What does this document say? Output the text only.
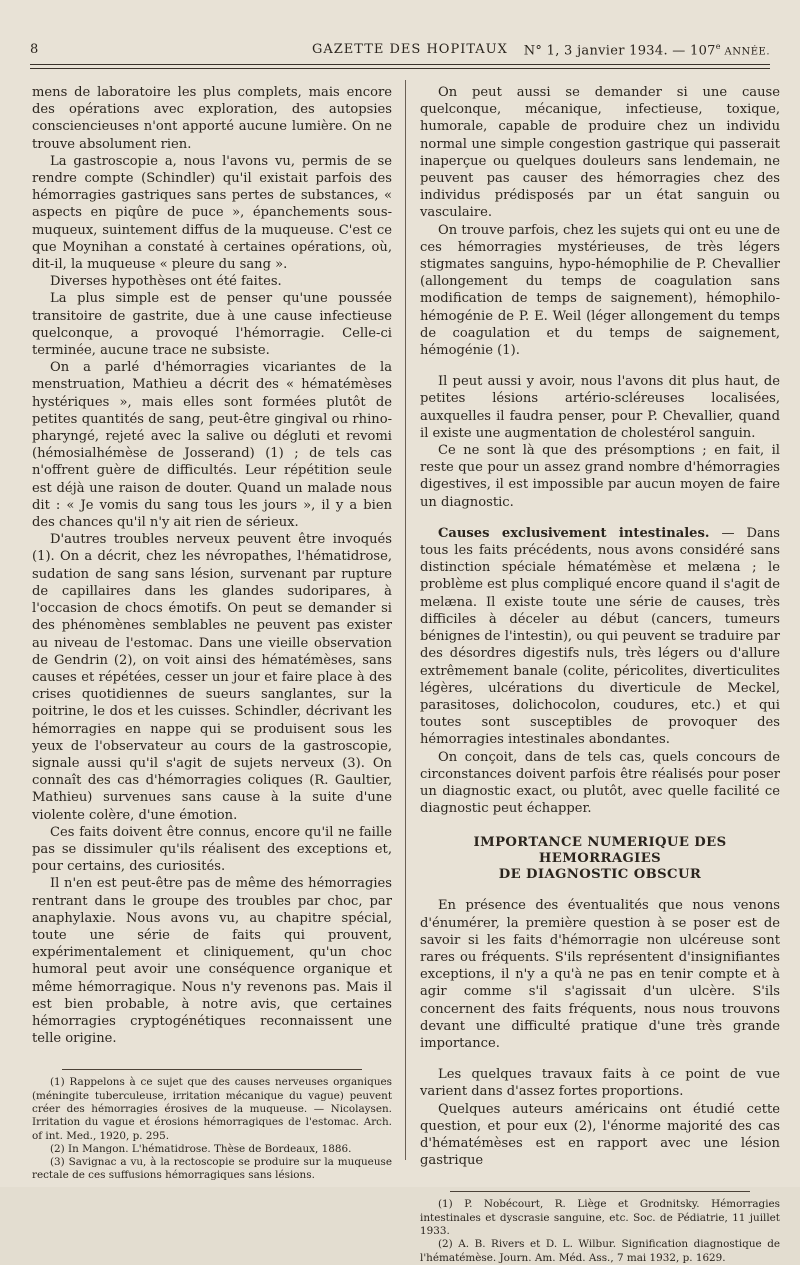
8	GAZETTE DES HOPITAUX N° 1, 3 janvier 1934. — 107e ANNÉE.

mens de laboratoire les plus complets, mais encore des opérations avec exploration, des autopsies consciencieuses n'ont apporté aucune lumière. On ne trouve absolument rien.

La gastroscopie a, nous l'avons vu, permis de se rendre compte (Schindler) qu'il existait parfois des hémorragies gastriques sans pertes de substances, « aspects en piqûre de puce », épanchements sous-muqueux, suintement diffus de la muqueuse. C'est ce que Moynihan a constaté à certaines opérations, où, dit-il, la muqueuse « pleure du sang ».

Diverses hypothèses ont été faites.

La plus simple est de penser qu'une poussée transitoire de gastrite, due à une cause infectieuse quelconque, a provoqué l'hémorragie. Celle-ci terminée, aucune trace ne subsiste.

On a parlé d'hémorragies vicariantes de la menstruation, Mathieu a décrit des « hématémèses hystériques », mais elles sont formées plutôt de petites quantités de sang, peut-être gingival ou rhino-pharyngé, rejeté avec la salive ou dégluti et revomi (hémosialhémèse de Josserand) (1) ; de tels cas n'offrent guère de difficultés. Leur répétition seule est déjà une raison de douter. Quand un malade nous dit : « Je vomis du sang tous les jours », il y a bien des chances qu'il n'y ait rien de sérieux.

D'autres troubles nerveux peuvent être invoqués (1). On a décrit, chez les névropathes, l'hématidrose, sudation de sang sans lésion, survenant par rupture de capillaires dans les glandes sudoripares, à l'occasion de chocs émotifs. On peut se demander si des phénomènes semblables ne peuvent pas exister au niveau de l'estomac. Dans une vieille observation de Gendrin (2), on voit ainsi des hématémèses, sans causes et répétées, cesser un jour et faire place à des crises quotidiennes de sueurs sanglantes, sur la poitrine, le dos et les cuisses. Schindler, décrivant les hémorragies en nappe qui se produisent sous les yeux de l'observateur au cours de la gastroscopie, signale aussi qu'il s'agit de sujets nerveux (3). On connaît des cas d'hémorragies coliques (R. Gaultier, Mathieu) survenues sans cause à la suite d'une violente colère, d'une émotion.

Ces faits doivent être connus, encore qu'il ne faille pas se dissimuler qu'ils réalisent des exceptions et, pour certains, des curiosités.

Il n'en est peut-être pas de même des hémorragies rentrant dans le groupe des troubles par choc, par anaphylaxie. Nous avons vu, au chapitre spécial, toute une série de faits qui prouvent, expérimentalement et cliniquement, qu'un choc humoral peut avoir une conséquence organique et même hémorragique. Nous n'y revenons pas. Mais il est bien probable, à notre avis, que certaines hémorragies cryptogénétiques reconnaissent une telle origine.

(1) Rappelons à ce sujet que des causes nerveuses organiques (méningite tuberculeuse, irritation mécanique du vague) peuvent créer des hémorragies érosives de la muqueuse. — Nicolaysen. Irritation du vague et érosions hémorragiques de l'estomac. Arch. of int. Med., 1920, p. 295.

(2) In Mangon. L'hématidrose. Thèse de Bordeaux, 1886.

(3) Savignac a vu, à la rectoscopie se produire sur la muqueuse rectale de ces suffusions hémorragiques sans lésions.

On peut aussi se demander si une cause quelconque, mécanique, infectieuse, toxique, humorale, capable de produire chez un individu normal une simple congestion gastrique qui passerait inaperçue ou quelques douleurs sans lendemain, ne peuvent pas causer des hémorragies chez des individus prédisposés par un état sanguin ou vasculaire.

On trouve parfois, chez les sujets qui ont eu une de ces hémorragies mystérieuses, de très légers stigmates sanguins, hypo-hémophilie de P. Chevallier (allongement du temps de coagulation sans modification de temps de saignement), hémophilo-hémogénie de P. E. Weil (léger allongement du temps de coagulation et du temps de saignement, hémogénie (1).

Il peut aussi y avoir, nous l'avons dit plus haut, de petites lésions artério-scléreuses localisées, auxquelles il faudra penser, pour P. Chevallier, quand il existe une augmentation de cholestérol sanguin.

Ce ne sont là que des présomptions ; en fait, il reste que pour un assez grand nombre d'hémorragies digestives, il est impossible par aucun moyen de faire un diagnostic.

Causes exclusivement intestinales. — Dans tous les faits précédents, nous avons considéré sans distinction spéciale hématémèse et melæna ; le problème est plus compliqué encore quand il s'agit de melæna. Il existe toute une série de causes, très difficiles à déceler au début (cancers, tumeurs bénignes de l'intestin), ou qui peuvent se traduire par des désordres digestifs nuls, très légers ou d'allure extrêmement banale (colite, péricolites, diverticulites légères, ulcérations du diverticule de Meckel, parasitoses, dolichocolon, coudures, etc.) et qui toutes sont susceptibles de provoquer des hémorragies intestinales abondantes.

On conçoit, dans de tels cas, quels concours de circonstances doivent parfois être réalisés pour poser un diagnostic exact, ou plutôt, avec quelle facilité ce diagnostic peut échapper.

IMPORTANCE NUMERIQUE DES HEMORRAGIES
DE DIAGNOSTIC OBSCUR

En présence des éventualités que nous venons d'énumérer, la première question à se poser est de savoir si les faits d'hémorragie non ulcéreuse sont rares ou fréquents. S'ils représentent d'insignifiantes exceptions, il n'y a qu'à ne pas en tenir compte et à agir comme s'il s'agissait d'un ulcère. S'ils concernent des faits fréquents, nous nous trouvons devant une difficulté pratique d'une très grande importance.

Les quelques travaux faits à ce point de vue varient dans d'assez fortes proportions.

Quelques auteurs américains ont étudié cette question, et pour eux (2), l'énorme majorité des cas d'hématémèses est en rapport avec une lésion gastrique

(1) P. Nobécourt, R. Liège et Grodnitsky. Hémorragies intestinales et dyscrasie sanguine, etc. Soc. de Pédiatrie, 11 juillet 1933.

(2) A. B. Rivers et D. L. Wilbur. Signification diagnostique de l'hématémèse. Journ. Am. Méd. Ass., 7 mai 1932, p. 1629.
